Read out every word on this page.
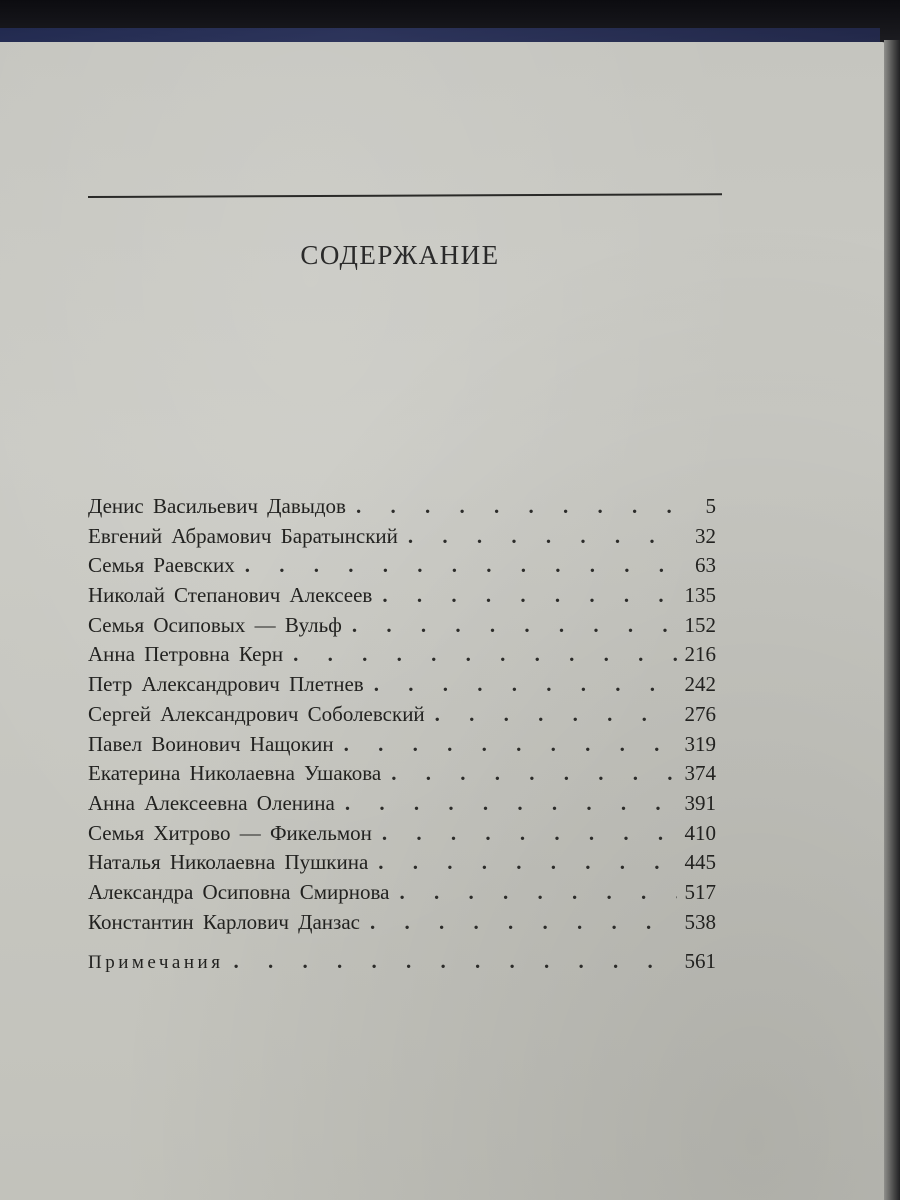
СОДЕРЖАНИЕ
Денис Васильевич Давыдов . . .	5
Евгений Абрамович Баратынский . . .	32
Семья Раевских . . .	63
Николай Степанович Алексеев . . .	135
Семья Осиповых — Вульф . . .	152
Анна Петровна Керн . . .	216
Петр Александрович Плетнев . . .	242
Сергей Александрович Соболевский . . .	276
Павел Воинович Нащокин . . .	319
Екатерина Николаевна Ушакова . . .	374
Анна Алексеевна Оленина . . .	391
Семья Хитрово — Фикельмон . . .	410
Наталья Николаевна Пушкина . . .	445
Александра Осиповна Смирнова . . .	517
Константин Карлович Данзас . . .	538
Примечания . . .	561
